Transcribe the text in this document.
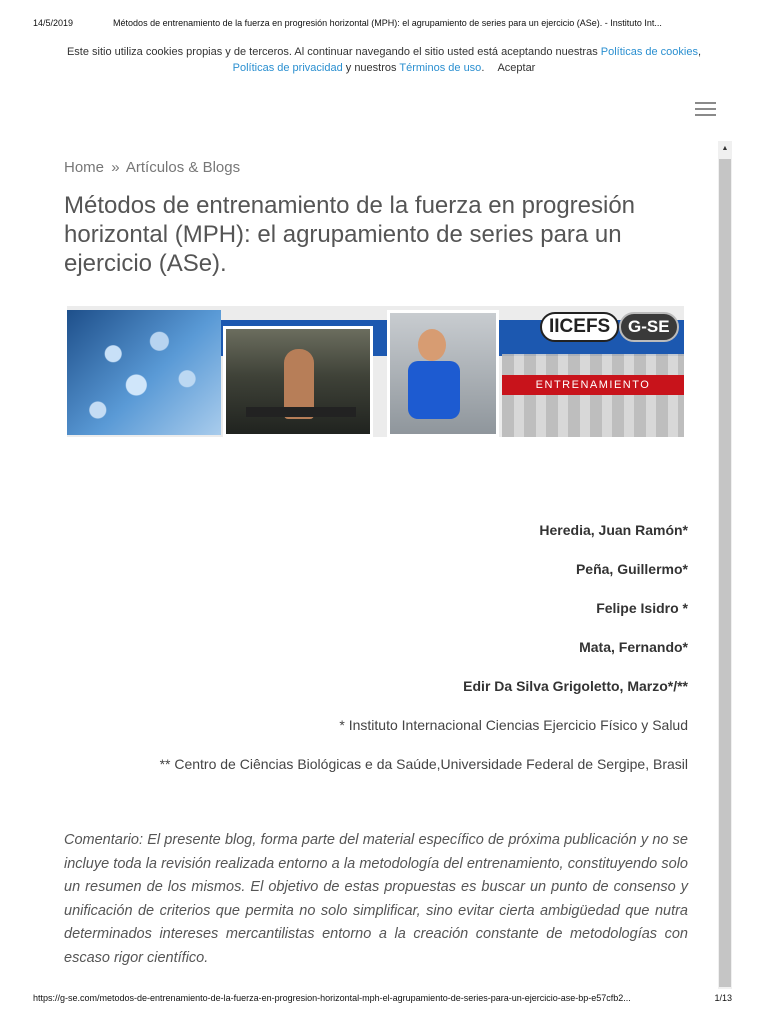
14/5/2019	Métodos de entrenamiento de la fuerza en progresión horizontal (MPH): el agrupamiento de series para un ejercicio (ASe). - Instituto Int...
Este sitio utiliza cookies propias y de terceros. Al continuar navegando el sitio usted está aceptando nuestras Políticas de cookies,
Políticas de privacidad y nuestros Términos de uso. Aceptar
▲
Home » Artículos & Blogs
Métodos de entrenamiento de la fuerza en progresión horizontal (MPH): el agrupamiento de series para un ejercicio (ASe).
IICEFS	G-SE
ENTRENAMIENTO
Heredia, Juan Ramón*
Peña, Guillermo*
Felipe Isidro *
Mata, Fernando*
Edir Da Silva Grigoletto, Marzo*/**
* Instituto Internacional Ciencias Ejercicio Físico y Salud
** Centro de Ciências Biológicas e da Saúde,Universidade Federal de Sergipe, Brasil

Comentario: El presente blog, forma parte del material específico de próxima publicación y no se incluye toda la revisión realizada entorno a la metodología del entrenamiento, constituyendo solo un resumen de los mismos. El objetivo de estas propuestas es buscar un punto de consenso y unificación de criterios que permita no solo simplificar, sino evitar cierta ambigüedad que nutra determinados intereses mercantilistas entorno a la creación constante de metodologías con escaso rigor científico.

https://g-se.com/metodos-de-entrenamiento-de-la-fuerza-en-progresion-horizontal-mph-el-agrupamiento-de-series-para-un-ejercicio-ase-bp-e57cfb2...	1/13
